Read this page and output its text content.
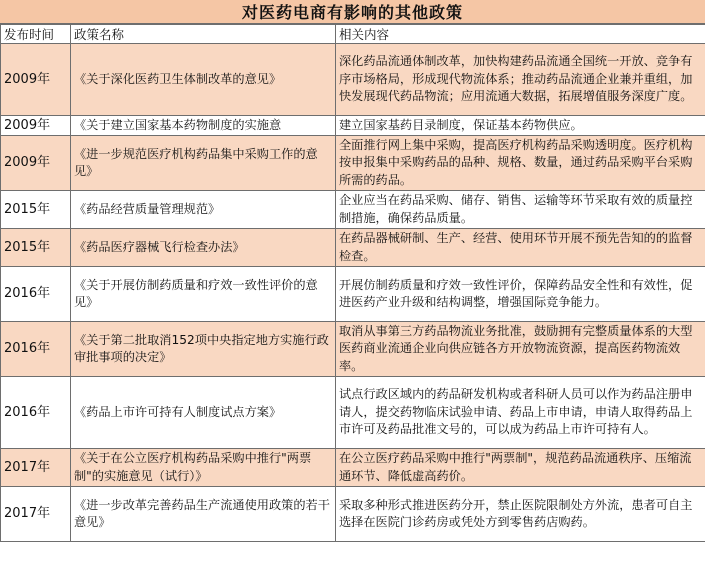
对医药电商有影响的其他政策
发布时间	政策名称	相关内容
2009年	《关于深化医药卫生体制改革的意见》	深化药品流通体制改革，加快构建药品流通全国统一开放、竞争有序市场格局，形成现代物流体系；推动药品流通企业兼并重组，加快发展现代药品物流；应用流通大数据，拓展增值服务深度广度。
2009年	《关于建立国家基本药物制度的实施意	建立国家基药目录制度，保证基本药物供应。
2009年	《进一步规范医疗机构药品集中采购工作的意见》	全面推行网上集中采购，提高医疗机构药品采购透明度。医疗机构按申报集中采购药品的品种、规格、数量，通过药品采购平台采购所需的药品。
2015年	《药品经营质量管理规范》	企业应当在药品采购、储存、销售、运输等环节采取有效的质量控制措施，确保药品质量。
2015年	《药品医疗器械飞行检查办法》	在药品器械研制、生产、经营、使用环节开展不预先告知的的监督检查。
2016年	《关于开展仿制药质量和疗效一致性评价的意见》	开展仿制药质量和疗效一致性评价，保障药品安全性和有效性，促进医药产业升级和结构调整，增强国际竞争能力。
2016年	《关于第二批取消152项中央指定地方实施行政审批事项的决定》	取消从事第三方药品物流业务批准，鼓励拥有完整质量体系的大型医药商业流通企业向供应链各方开放物流资源，提高医药物流效率。
2016年	《药品上市许可持有人制度试点方案》	试点行政区域内的药品研发机构或者科研人员可以作为药品注册申请人，提交药物临床试验申请、药品上市申请，申请人取得药品上市许可及药品批准文号的，可以成为药品上市许可持有人。
2017年	《关于在公立医疗机构药品采购中推行"两票制"的实施意见（试行）》	在公立医疗药品采购中推行"两票制"，规范药品流通秩序、压缩流通环节、降低虚高药价。
2017年	《进一步改革完善药品生产流通使用政策的若干意见》	采取多种形式推进医药分开，禁止医院限制处方外流，患者可自主选择在医院门诊药房或凭处方到零售药店购药。
